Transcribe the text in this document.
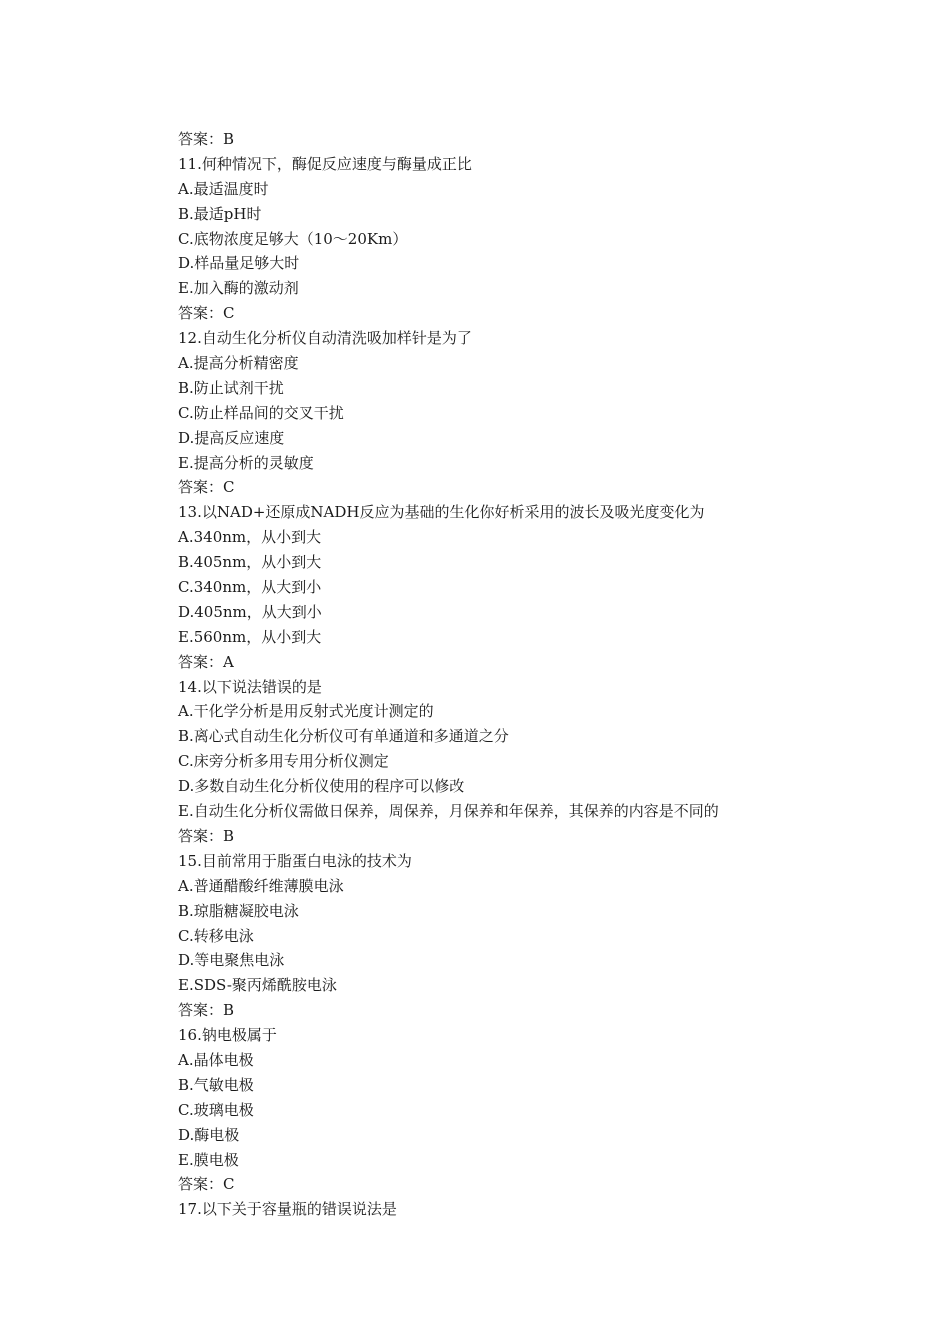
答案：B
11.何种情况下，酶促反应速度与酶量成正比
A.最适温度时
B.最适pH时
C.底物浓度足够大（10～20Km）
D.样品量足够大时
E.加入酶的激动剂
答案：C
12.自动生化分析仪自动清洗吸加样针是为了
A.提高分析精密度
B.防止试剂干扰
C.防止样品间的交叉干扰
D.提高反应速度
E.提高分析的灵敏度
答案：C
13.以NAD+还原成NADH反应为基础的生化你好析采用的波长及吸光度变化为
A.340nm，从小到大
B.405nm，从小到大
C.340nm，从大到小
D.405nm，从大到小
E.560nm，从小到大
答案：A
14.以下说法错误的是
A.干化学分析是用反射式光度计测定的
B.离心式自动生化分析仪可有单通道和多通道之分
C.床旁分析多用专用分析仪测定
D.多数自动生化分析仪使用的程序可以修改
E.自动生化分析仪需做日保养，周保养，月保养和年保养，其保养的内容是不同的
答案：B
15.目前常用于脂蛋白电泳的技术为
A.普通醋酸纤维薄膜电泳
B.琼脂糖凝胶电泳
C.转移电泳
D.等电聚焦电泳
E.SDS-聚丙烯酰胺电泳
答案：B
16.钠电极属于
A.晶体电极
B.气敏电极
C.玻璃电极
D.酶电极
E.膜电极
答案：C
17.以下关于容量瓶的错误说法是
